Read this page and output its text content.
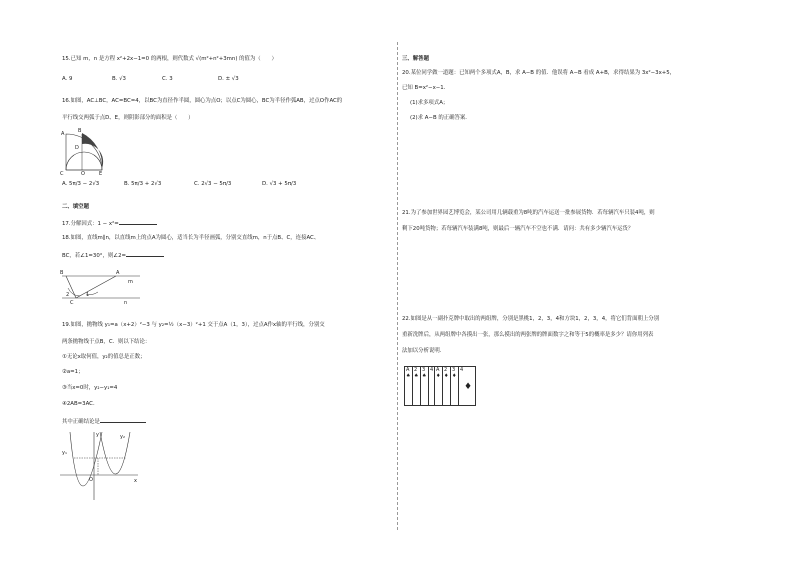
15.已知 m，n 是方程 x²+2x−1=0 的两根，则代数式 √(m²+n²+3mn) 的值为（　　）
A. 9	B. √3	C. 3	D. ± √3
16.如图，AC⊥BC，AC=BC=4，以BC为直径作半圆，圆心为点O；以点C为圆心，BC为半径作弧AB，过点O作AC的
平行线交两弧于点D、E，则阴影部分的面积是（　　）
A	B
C	O
D
E
A. 5π/3 − 2√3	B. 5π/3 + 2√3	C. 2√3 − 5π/3	D. √3 + 5π/3
二、填空题
17.分解因式：1 − x²=
18.如图，直线m∥n，以直线m上的点A为圆心，适当长为半径画弧，分别交直线m，n于点B、C，连接AC、
BC，若∠1=30°，则∠2=
B	A
m
C	n
1
2
19.如图，抛物线 y₁=a（x+2）²−3 与 y₂=½（x−3）²+1 交于点A（1，3），过点A作x轴的平行线，分别交
两条抛物线于点B，C．则以下结论：
①无论x取何值，y₂的值总是正数；
②a=1；
③当x=0时，y₂−y₁=4
④2AB=3AC．
其中正确结论是
y₁
y₂
O	x
y
三、解答题
20.某位同学做一道题：已知两个多项式A，B，求 A−B 的值．他误将 A−B 看成 A+B，求得结果为 3x²−3x+5，
已知 B=x²−x−1．
(1)求多项式A；
(2)求 A−B 的正确答案．
21.为了参加世界园艺博览会，某公司用几辆载重为8吨的汽车运送一批参展货物．若每辆汽车只装4吨，则
剩下20吨货物；若每辆汽车装满8吨，则最后一辆汽车不空也不满．请问：共有多少辆汽车运货？
22.如图是从一副扑克牌中取出的两组牌，分别是黑桃1，2，3，4和方块1，2，3，4，将它们背面朝上分别
重新洗牌后，从两组牌中各摸出一张，那么摸出的两张牌的牌面数字之和等于5的概率是多少？请你用列表
法加以分析说明.
A
♠
2
♠
3
♠
4 A
♦
2
♦
3
♦
4
♦
